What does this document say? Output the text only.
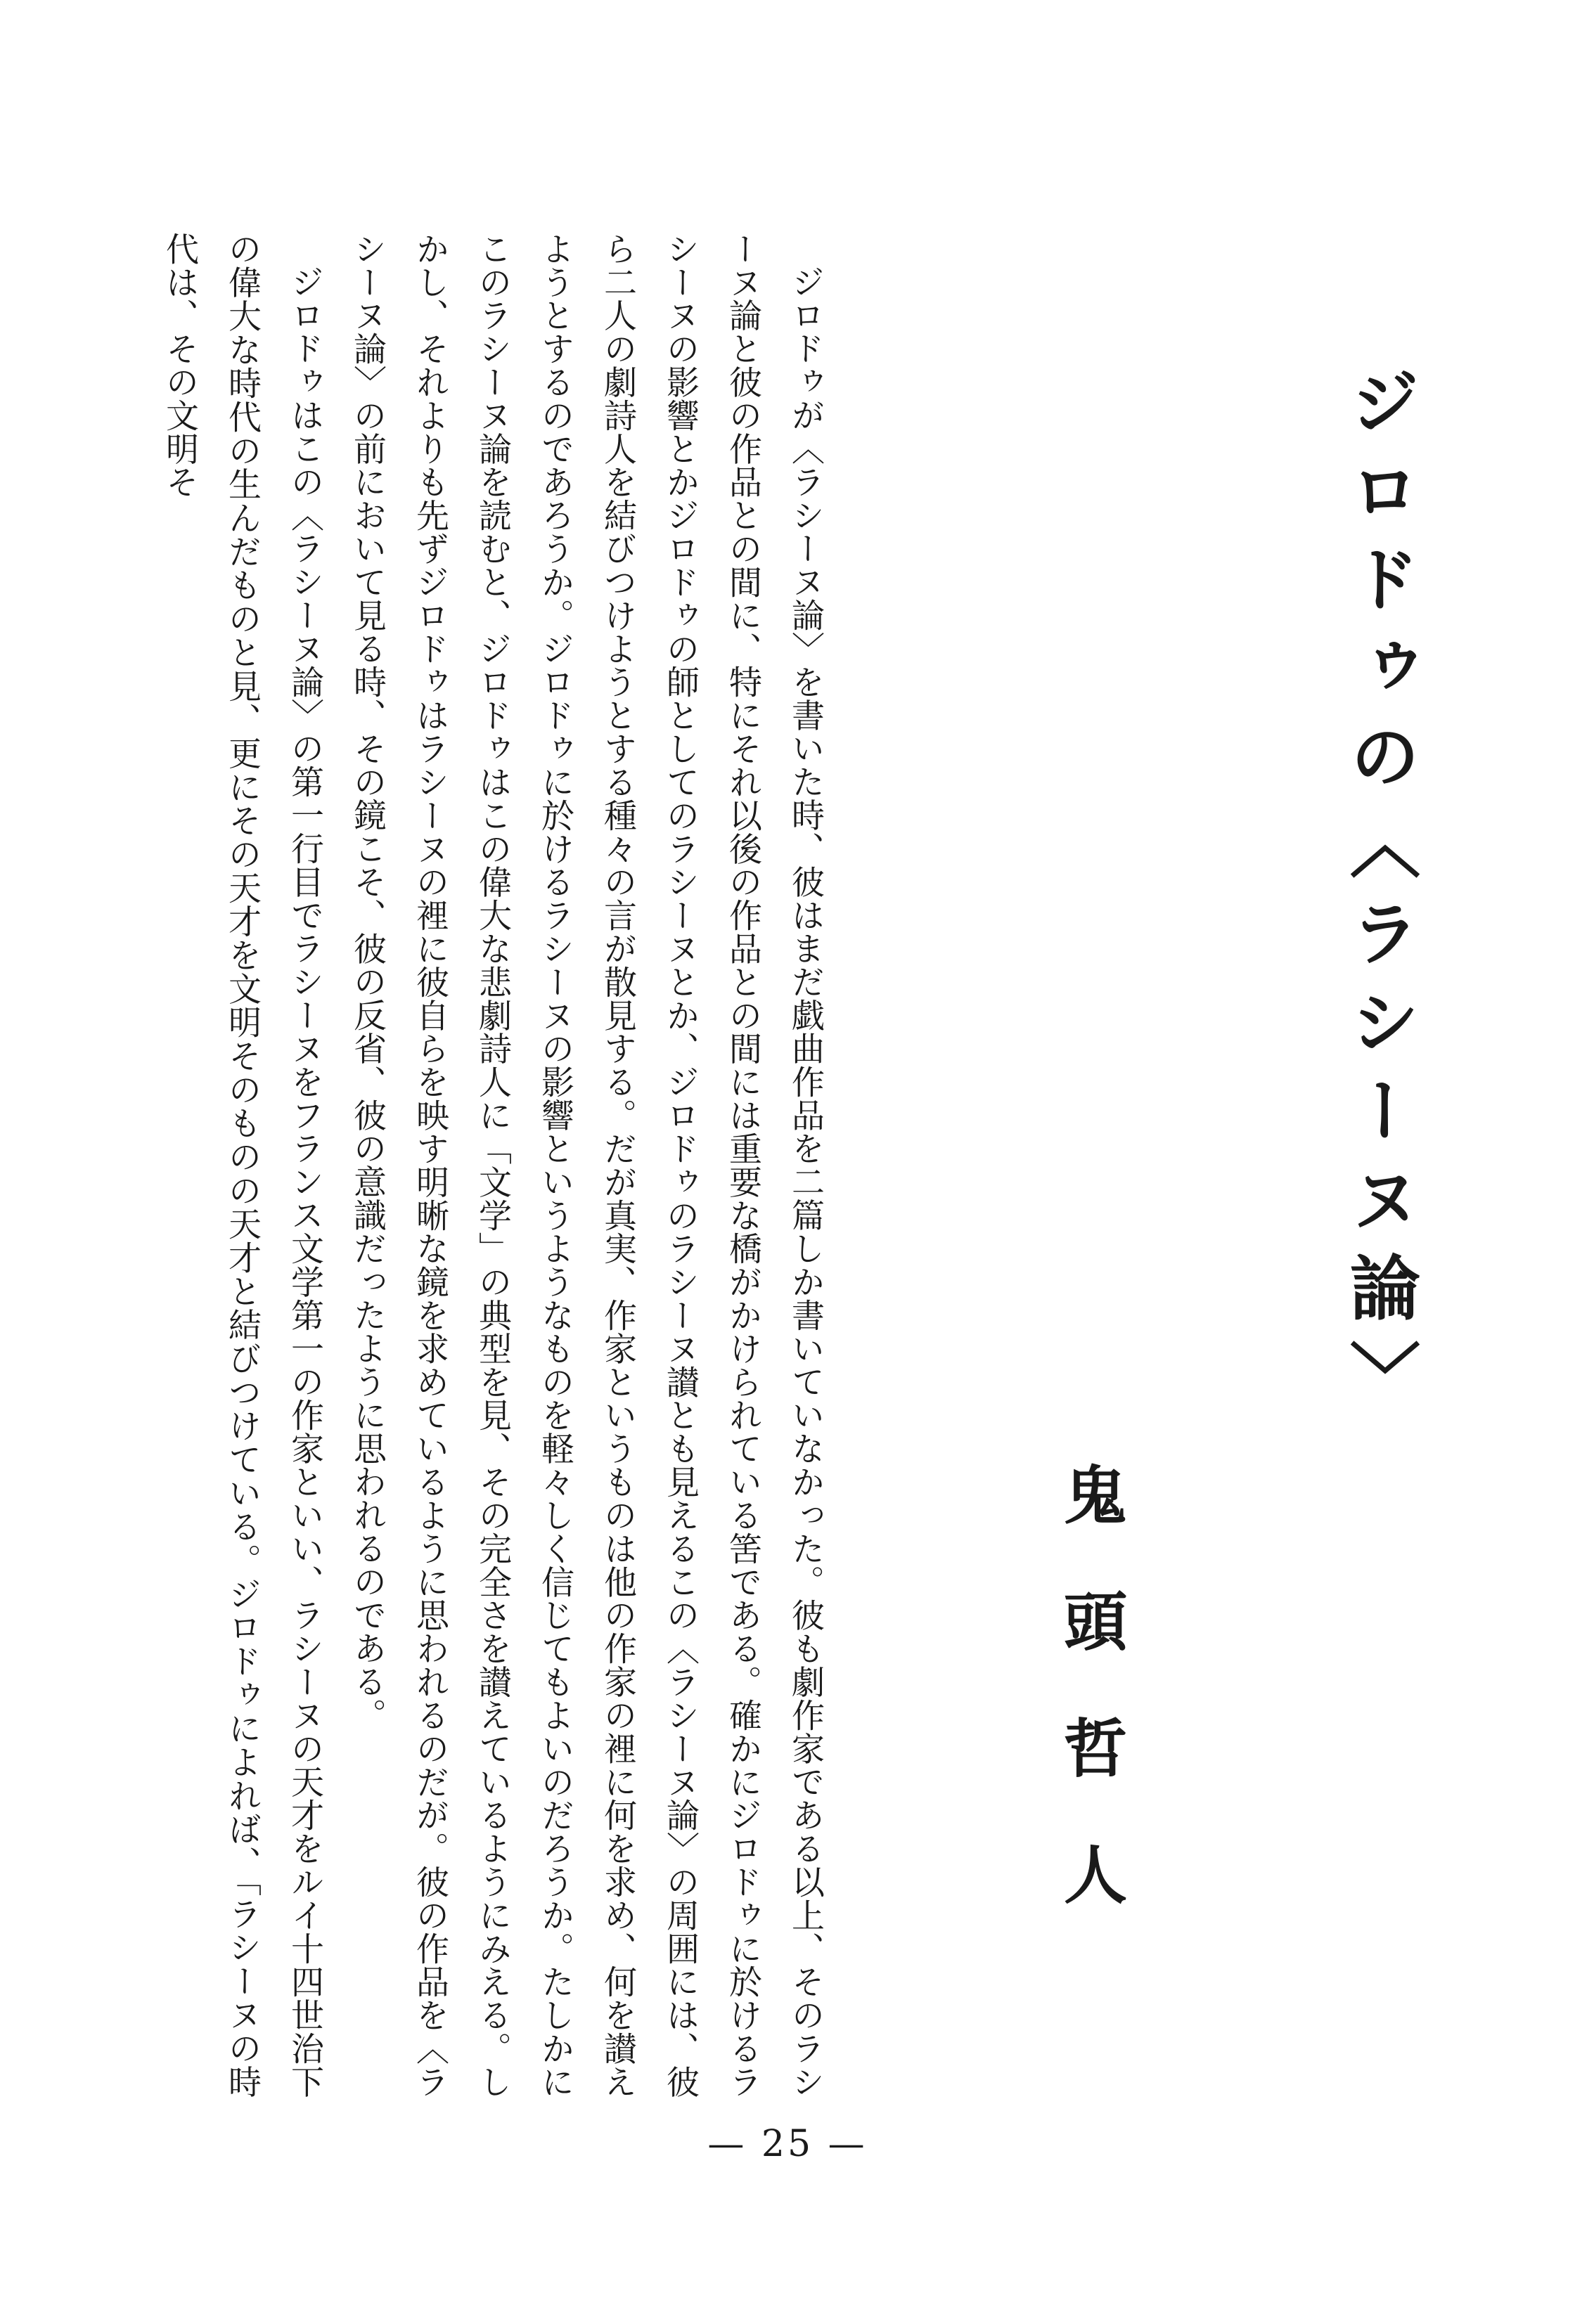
ジロドゥの〈ラシーヌ論〉
鬼頭哲人

ジロドゥが〈ラシーヌ論〉を書いた時、彼はまだ戯曲作品を二篇しか書いていなかった。彼も劇作家である以上、そのラシーヌ論と彼の作品との間に、特にそれ以後の作品との間には重要な橋がかけられている筈である。確かにジロドゥに於けるラシーヌの影響とかジロドゥの師としてのラシーヌとか、ジロドゥのラシーヌ讃とも見えるこの〈ラシーヌ論〉の周囲には、彼ら二人の劇詩人を結びつけようとする種々の言が散見する。だが真実、作家というものは他の作家の裡に何を求め、何を讃えようとするのであろうか。ジロドゥに於けるラシーヌの影響というようなものを軽々しく信じてもよいのだろうか。たしかにこのラシーヌ論を読むと、ジロドゥはこの偉大な悲劇詩人に「文学」の典型を見、その完全さを讃えているようにみえる。しかし、それよりも先ずジロドゥはラシーヌの裡に彼自らを映す明晰な鏡を求めているように思われるのだが。彼の作品を〈ラシーヌ論〉の前において見る時、その鏡こそ、彼の反省、彼の意識だったように思われるのである。

ジロドゥはこの〈ラシーヌ論〉の第一行目でラシーヌをフランス文学第一の作家といい、ラシーヌの天才をルイ十四世治下の偉大な時代の生んだものと見、更にその天才を文明そのものの天才と結びつけている。ジロドゥによれば、「ラシーヌの時代は、その文明そ

— 25 —
